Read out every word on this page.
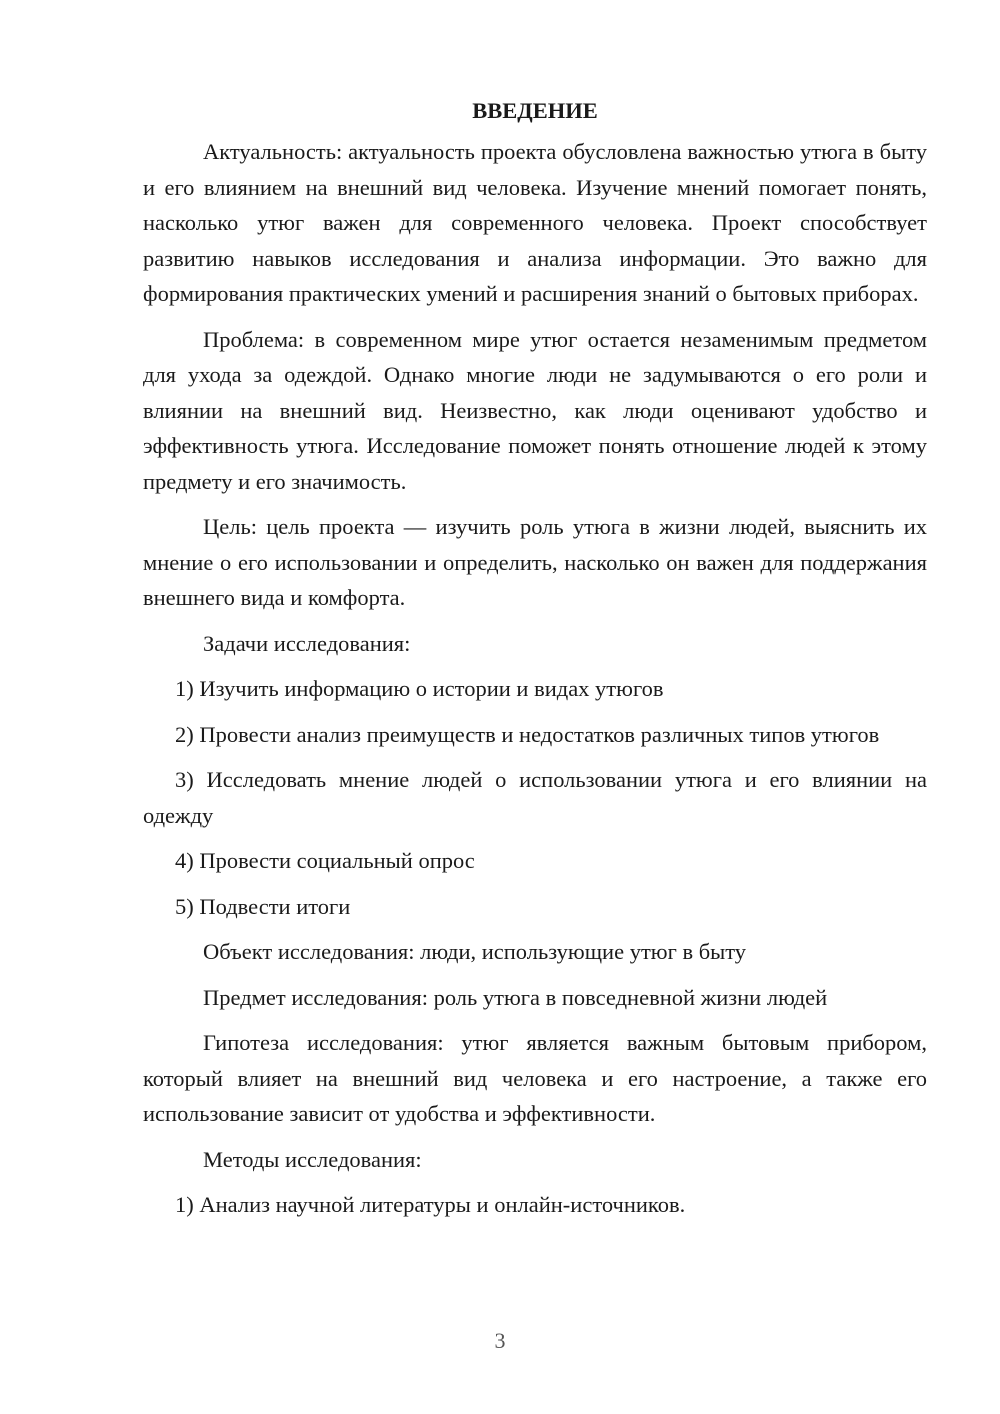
ВВЕДЕНИЕ

Актуальность: актуальность проекта обусловлена важностью утюга в быту и его влиянием на внешний вид человека. Изучение мнений помогает понять, насколько утюг важен для современного человека. Проект способствует развитию навыков исследования и анализа информации. Это важно для формирования практических умений и расширения знаний о бытовых приборах.

Проблема: в современном мире утюг остается незаменимым предметом для ухода за одеждой. Однако многие люди не задумываются о его роли и влиянии на внешний вид. Неизвестно, как люди оценивают удобство и эффективность утюга. Исследование поможет понять отношение людей к этому предмету и его значимость.

Цель: цель проекта — изучить роль утюга в жизни людей, выяснить их мнение о его использовании и определить, насколько он важен для поддержания внешнего вида и комфорта.

Задачи исследования:

1) Изучить информацию о истории и видах утюгов

2) Провести анализ преимуществ и недостатков различных типов утюгов

3) Исследовать мнение людей о использовании утюга и его влиянии на одежду

4) Провести социальный опрос

5) Подвести итоги

Объект исследования: люди, использующие утюг в быту

Предмет исследования: роль утюга в повседневной жизни людей

Гипотеза исследования: утюг является важным бытовым прибором, который влияет на внешний вид человека и его настроение, а также его использование зависит от удобства и эффективности.

Методы исследования:

1) Анализ научной литературы и онлайн-источников.

3
